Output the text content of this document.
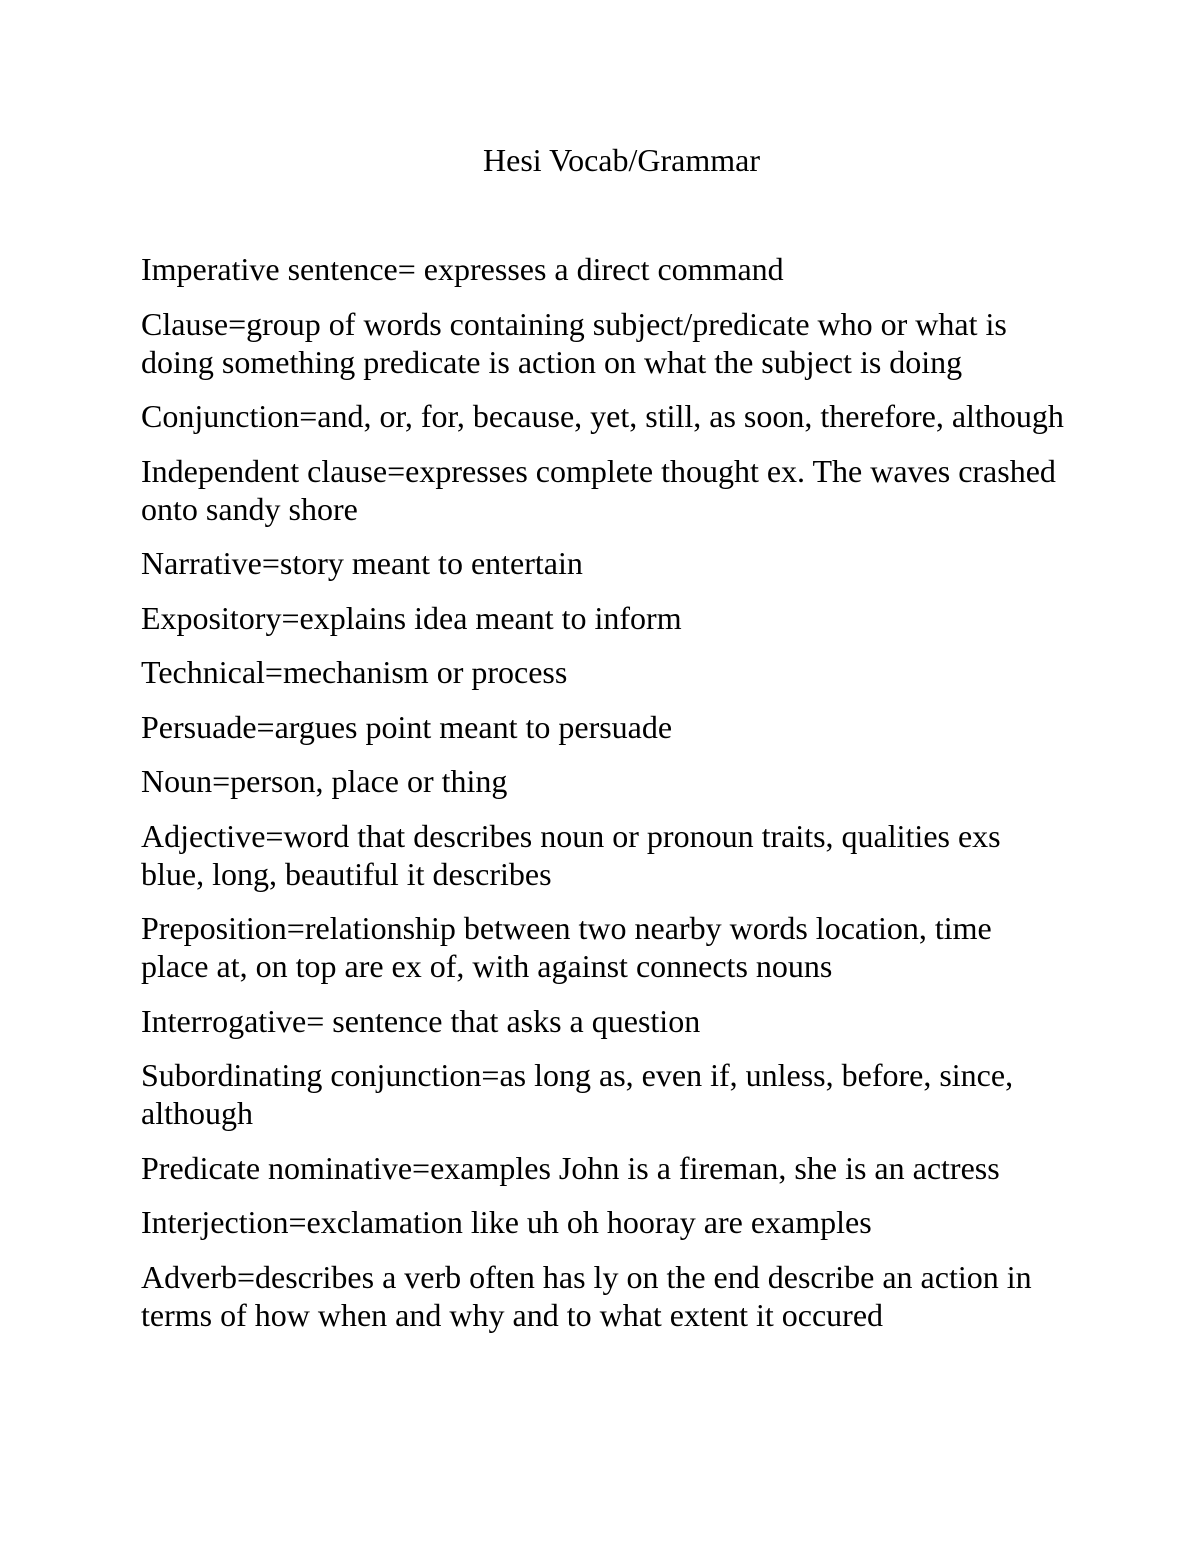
Hesi Vocab/Grammar
Imperative sentence= expresses a direct command
Clause=group of words containing subject/predicate who or what is doing something predicate is action on what the subject is doing
Conjunction=and, or, for, because, yet, still, as soon, therefore, although
Independent clause=expresses complete thought ex. The waves crashed onto sandy shore
Narrative=story meant to entertain
Expository=explains idea meant to inform
Technical=mechanism or process
Persuade=argues point meant to persuade
Noun=person, place or thing
Adjective=word that describes noun or pronoun traits, qualities exs blue, long, beautiful it describes
Preposition=relationship between two nearby words location, time place at, on top are ex of, with against connects nouns
Interrogative= sentence that asks a question
Subordinating conjunction=as long as, even if, unless, before, since, although
Predicate nominative=examples John is a fireman, she is an actress
Interjection=exclamation like uh oh hooray are examples
Adverb=describes a verb often has ly on the end describe an action in terms of how when and why and to what extent it occured
